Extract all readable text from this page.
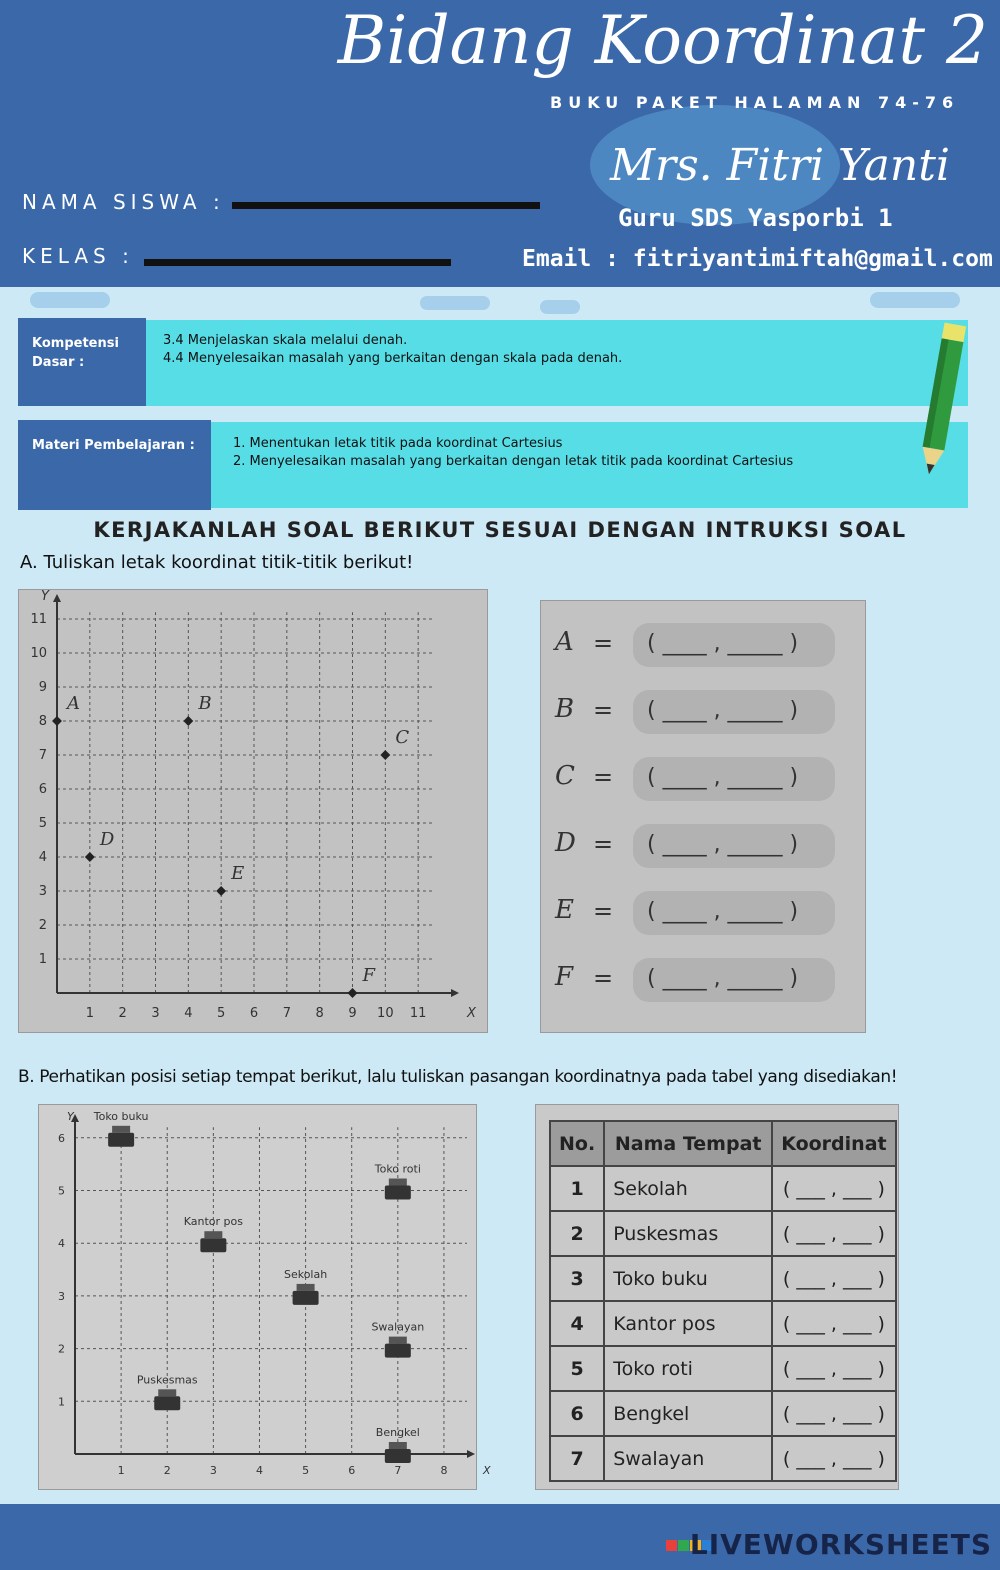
Bidang Koordinat 2
BUKU PAKET HALAMAN 74-76
Mrs. Fitri Yanti
Guru SDS Yasporbi 1
Email : fitriyantimiftah@gmail.com
NAMA SISWA :
KELAS :
Kompetensi Dasar :
3.4 Menjelaskan skala melalui denah.
4.4 Menyelesaikan masalah yang berkaitan dengan skala pada denah.
Materi Pembelajaran :	1. Menentukan letak titik pada koordinat Cartesius
2. Menyelesaikan masalah yang berkaitan dengan letak titik pada koordinat Cartesius
KERJAKANLAH SOAL BERIKUT SESUAI DENGAN INTRUKSI SOAL
A. Tuliskan letak koordinat titik-titik berikut!
1 2 3 4 5 6 7 8 9 10 11
1
2
3
4
5
6
7
8
9
10
11
X
Y
A	B
C
D
E
F
A = ( ____ , _____ )
B = ( ____ , _____ )
C = ( ____ , _____ )
D = ( ____ , _____ )
E = ( ____ , _____ )
F = ( ____ , _____ )
B. Perhatikan posisi setiap tempat berikut, lalu tuliskan pasangan koordinatnya pada tabel yang disediakan!
1	2	3	4	5	6	7	8
1
2
3
4
5
6
X
Y Toko buku
Toko roti
Kantor pos
Sekolah
Swalayan
Puskesmas
Bengkel
No.	Nama Tempat	Koordinat
1	Sekolah	( ___ , ___ )
2	Puskesmas	( ___ , ___ )
3	Toko buku	( ___ , ___ )
4	Kantor pos	( ___ , ___ )
5	Toko roti	( ___ , ___ )
6	Bengkel	( ___ , ___ )
7	Swalayan	( ___ , ___ )
LIVEWORKSHEETS
